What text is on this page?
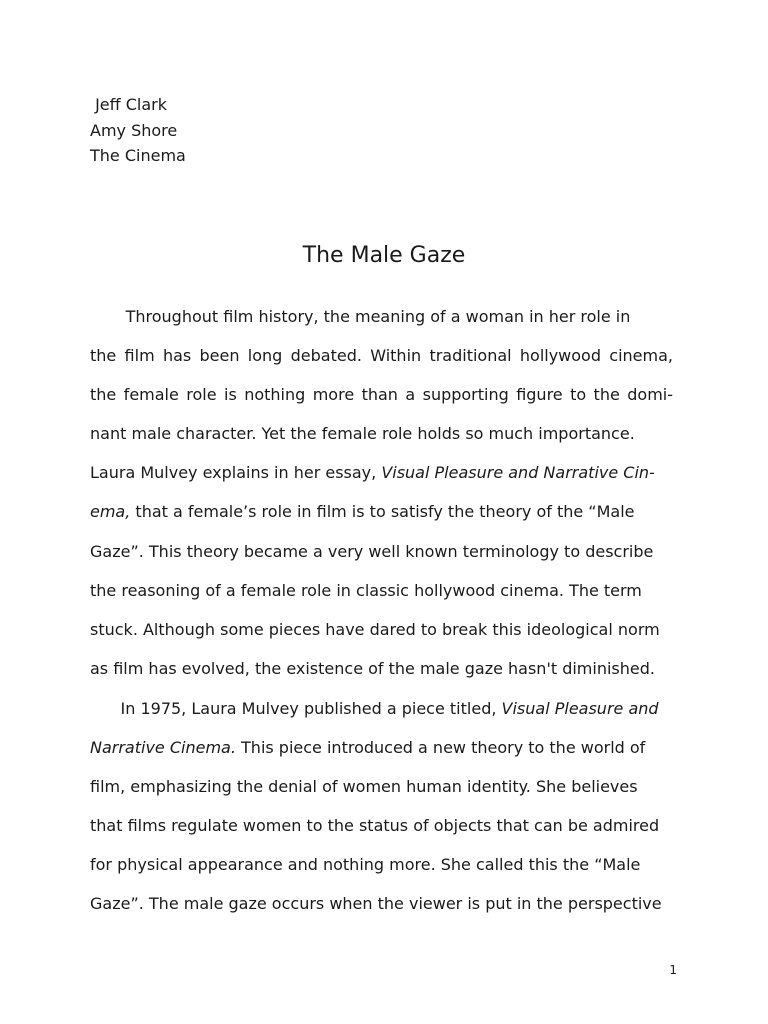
Jeff Clark
Amy Shore
The Cinema
The Male Gaze
Throughout film history, the meaning of a woman in her role in
the film has been long debated. Within traditional hollywood cinema,
the female role is nothing more than a supporting figure to the domi-
nant male character. Yet the female role holds so much importance.
Laura Mulvey explains in her essay, Visual Pleasure and Narrative Cin-
ema, that a female’s role in film is to satisfy the theory of the “Male
Gaze”. This theory became a very well known terminology to describe
the reasoning of a female role in classic hollywood cinema. The term
stuck. Although some pieces have dared to break this ideological norm
as film has evolved, the existence of the male gaze hasn't diminished.
In 1975, Laura Mulvey published a piece titled, Visual Pleasure and
Narrative Cinema. This piece introduced a new theory to the world of
film, emphasizing the denial of women human identity. She believes
that films regulate women to the status of objects that can be admired
for physical appearance and nothing more. She called this the “Male
Gaze”. The male gaze occurs when the viewer is put in the perspective
1
